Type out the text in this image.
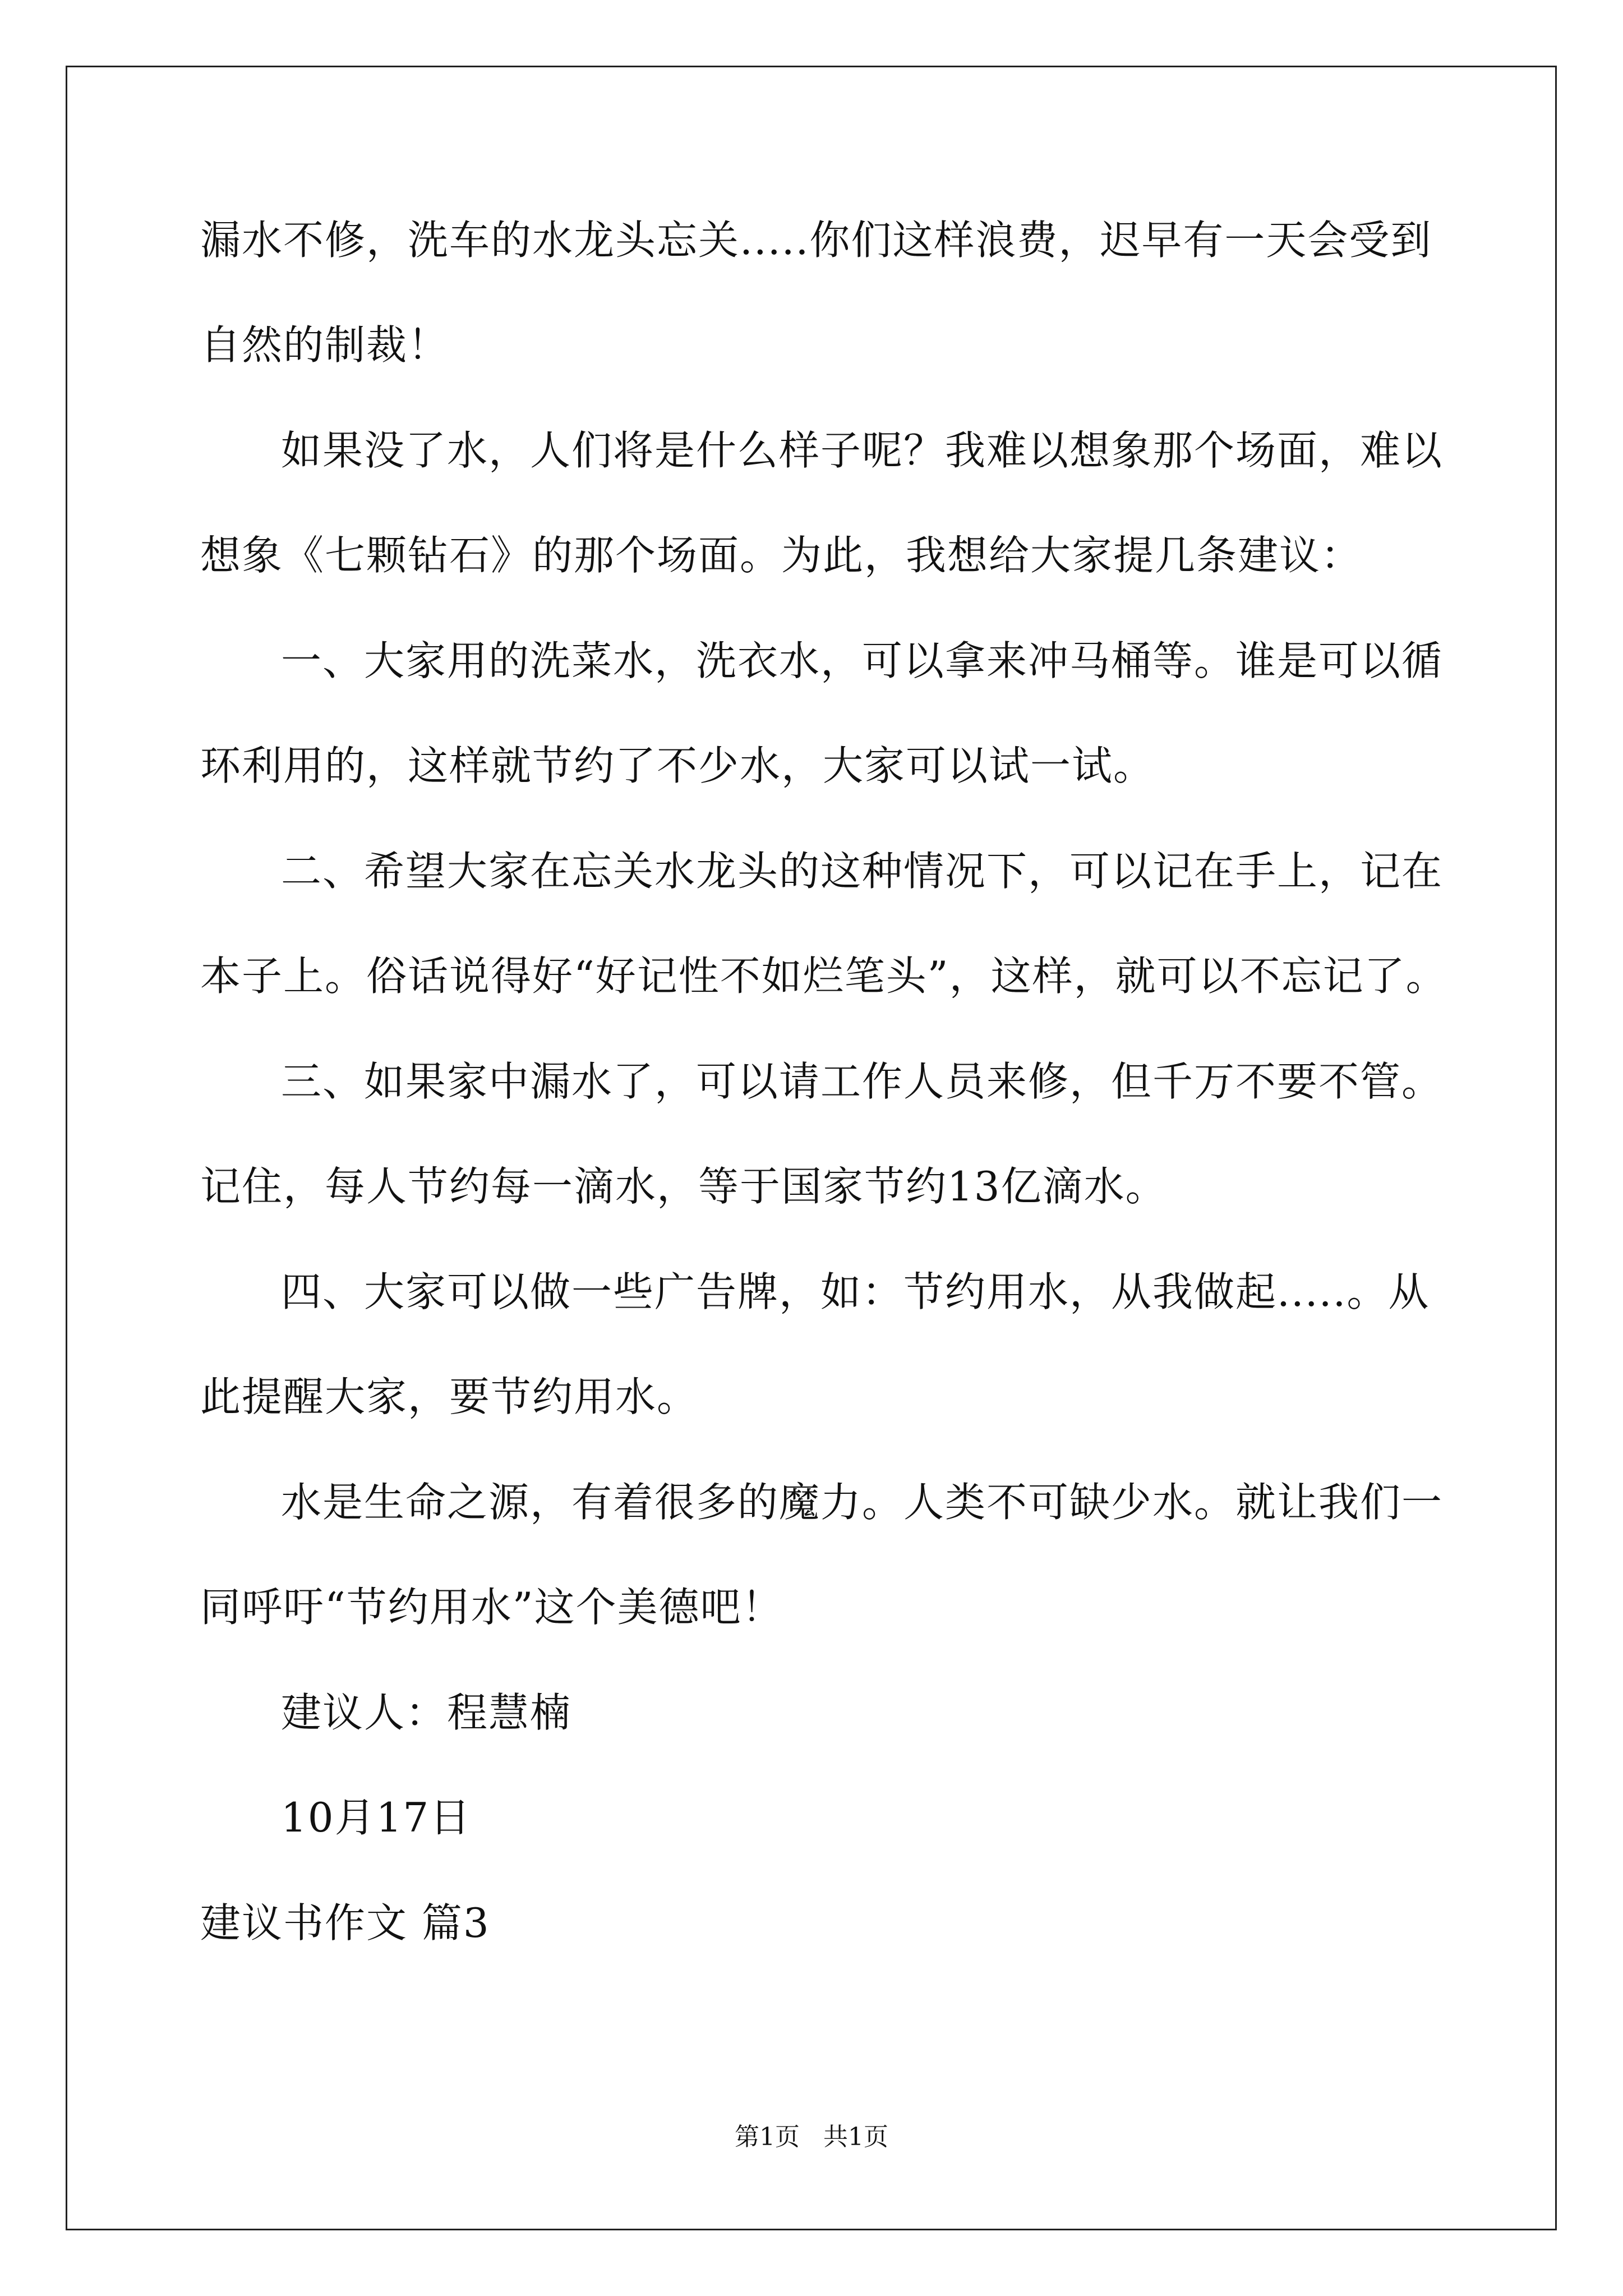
漏水不修，洗车的水龙头忘关.....你们这样浪费，迟早有一天会受到
自然的制裁！
如果没了水，人们将是什么样子呢？我难以想象那个场面，难以
想象《七颗钻石》的那个场面。为此，我想给大家提几条建议：
一、大家用的洗菜水，洗衣水，可以拿来冲马桶等。谁是可以循
环利用的，这样就节约了不少水，大家可以试一试。
二、希望大家在忘关水龙头的这种情况下，可以记在手上，记在
本子上。俗话说得好“好记性不如烂笔头”，这样，就可以不忘记了。
三、如果家中漏水了，可以请工作人员来修，但千万不要不管。
记住，每人节约每一滴水，等于国家节约13亿滴水。
四、大家可以做一些广告牌，如：节约用水，从我做起.....。从
此提醒大家，要节约用水。
水是生命之源，有着很多的魔力。人类不可缺少水。就让我们一
同呼吁“节约用水”这个美德吧！
建议人：程慧楠
10月17日
建议书作文 篇3
第1页 共1页
